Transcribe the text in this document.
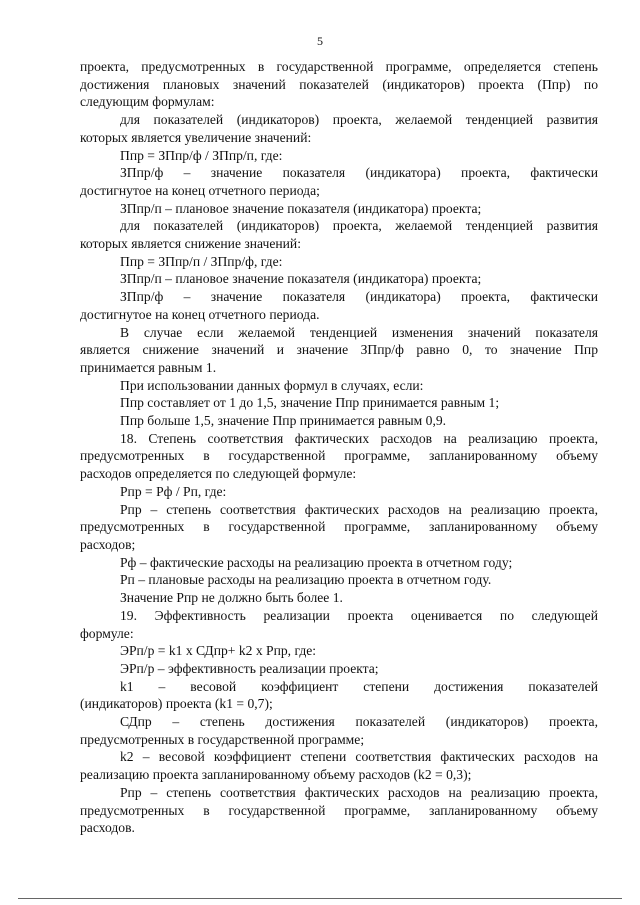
5
проекта, предусмотренных в государственной программе, определяется степень
достижения плановых значений показателей (индикаторов) проекта (Ппр) по
следующим формулам:
для показателей (индикаторов) проекта, желаемой тенденцией развития
которых является увеличение значений:
Ппр = ЗПпр/ф / ЗПпр/п, где:
ЗПпр/ф – значение показателя (индикатора) проекта, фактически
достигнутое на конец отчетного периода;
ЗПпр/п – плановое значение показателя (индикатора) проекта;
для показателей (индикаторов) проекта, желаемой тенденцией развития
которых является снижение значений:
Ппр = ЗПпр/п / ЗПпр/ф, где:
ЗПпр/п – плановое значение показателя (индикатора) проекта;
ЗПпр/ф – значение показателя (индикатора) проекта, фактически
достигнутое на конец отчетного периода.
В случае если желаемой тенденцией изменения значений показателя
является снижение значений и значение ЗПпр/ф равно 0, то значение Ппр
принимается равным 1.
При использовании данных формул в случаях, если:
Ппр составляет от 1 до 1,5, значение Ппр принимается равным 1;
Ппр больше 1,5, значение Ппр принимается равным 0,9.
18. Степень соответствия фактических расходов на реализацию проекта,
предусмотренных в государственной программе, запланированному объему
расходов определяется по следующей формуле:
Рпр = Рф / Рп, где:
Рпр – степень соответствия фактических расходов на реализацию проекта,
предусмотренных в государственной программе, запланированному объему
расходов;
Рф – фактические расходы на реализацию проекта в отчетном году;
Рп – плановые расходы на реализацию проекта в отчетном году.
Значение Рпр не должно быть более 1.
19. Эффективность реализации проекта оценивается по следующей
формуле:
ЭРп/р = k1 х СДпр+ k2 х Рпр, где:
ЭРп/р – эффективность реализации проекта;
k1 – весовой коэффициент степени достижения показателей
(индикаторов) проекта (k1 = 0,7);
СДпр – степень достижения показателей (индикаторов) проекта,
предусмотренных в государственной программе;
k2 – весовой коэффициент степени соответствия фактических расходов на
реализацию проекта запланированному объему расходов (k2 = 0,3);
Рпр – степень соответствия фактических расходов на реализацию проекта,
предусмотренных в государственной программе, запланированному объему
расходов.
